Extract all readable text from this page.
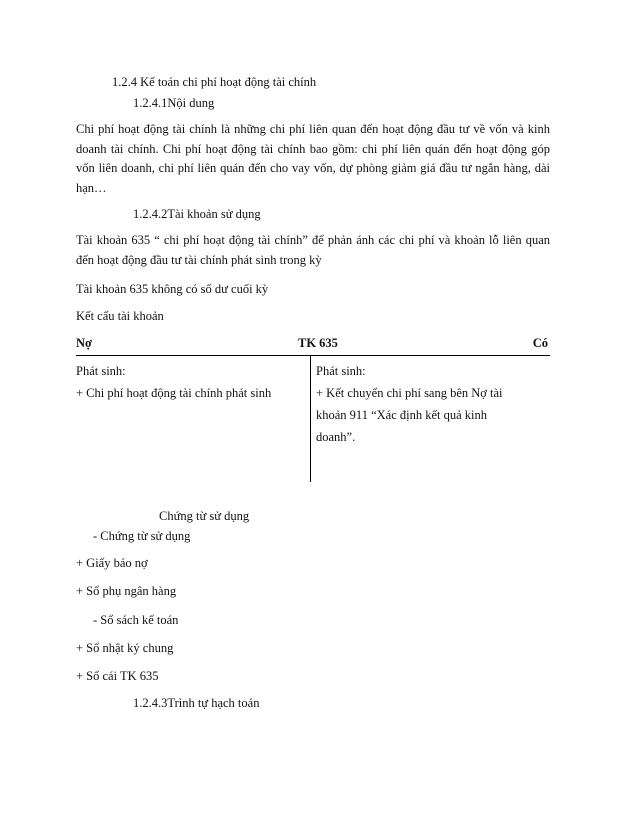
1.2.4 Kế toán chi phí hoạt động tài chính
1.2.4.1Nội dung
Chi phí hoạt động tài chính là những chi phí liên quan đến hoạt động đầu tư về vốn và kinh doanh tài chính. Chi phí hoạt động tài chính bao gồm: chi phí liên quán đến hoạt động góp vốn liên doanh, chi phí liên quán đến cho vay vốn, dự phòng giảm giá đầu tư ngắn hàng, dài hạn…
1.2.4.2Tài khoản sử dụng
Tài khoản 635 “ chi phí hoạt động tài chính” để phản ánh các chi phí và khoản lỗ liên quan đến hoạt động đầu tư tài chính phát sinh trong kỳ
Tài khoản 635 không có số dư cuối kỳ
Kết cấu tài khoản
Nợ	TK 635	Có
Phát sinh:
+ Chi phí hoạt động tài chính phát sinh
Phát sinh:
+ Kết chuyển chi phí sang bên Nợ tài
khoản 911 “Xác định kết quả kinh
doanh”.
Chứng từ sử dụng
- Chứng từ sử dụng
+ Giấy báo nợ
+ Sổ phụ ngân hàng
- Sổ sách kế toán
+ Sổ nhật ký chung
+ Sổ cái TK 635
1.2.4.3Trình tự hạch toán
